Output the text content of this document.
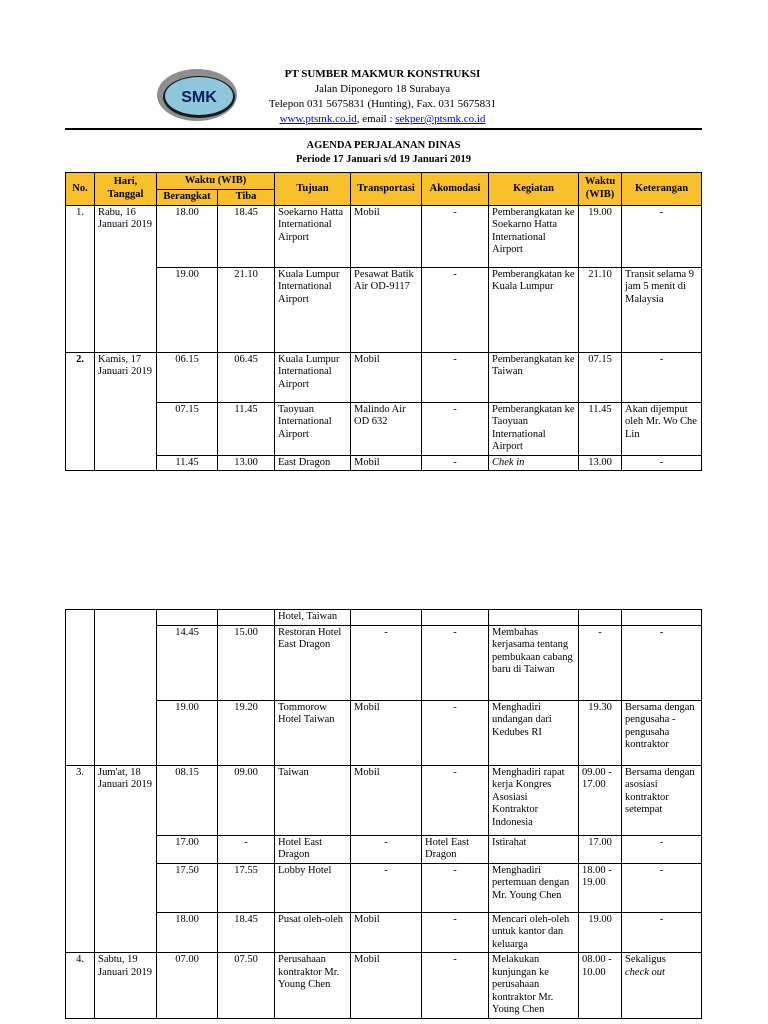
SMK
PT SUMBER MAKMUR KONSTRUKSI
Jalan Diponegoro 18 Surabaya
Telepon 031 5675831 (Hunting), Fax. 031 5675831
www.ptsmk.co.id, email : sekper@ptsmk.co.id
AGENDA PERJALANAN DINAS
Periode 17 Januari s/d 19 Januari 2019
No.	Hari, Tanggal	Waktu (WIB)		Tujuan	Transportasi	Akomodasi	Kegiatan	Waktu (WIB)	Keterangan
		Berangkat	Tiba						
1.	Rabu, 16 Januari 2019	18.00	18.45	Soekarno Hatta International Airport	Mobil	-	Pemberangkatan ke Soekarno Hatta International Airport	19.00	-
		19.00	21.10	Kuala Lumpur International Airport	Pesawat Batik Air OD-9117	-	Pemberangkatan ke Kuala Lumpur	21.10	Transit selama 9 jam 5 menit di Malaysia
2.	Kamis, 17 Januari 2019	06.15	06.45	Kuala Lumpur International Airport	Mobil	-	Pemberangkatan ke Taiwan	07.15	-
		07.15	11.45	Taoyuan International Airport	Malindo Air OD 632	-	Pemberangkatan ke Taoyuan International Airport	11.45	Akan dijemput oleh Mr. Wo Che Lin
		11.45	13.00	East Dragon	Mobil	-	Chek in	13.00	-
				Hotel, Taiwan					
		14.45	15.00	Restoran Hotel East Dragon	-	-	Membahas kerjasama tentang pembukaan cabang baru di Taiwan	-	-
		19.00	19.20	Tommorow Hotel Taiwan	Mobil	-	Menghadiri undangan dari Kedubes RI	19.30	Bersama dengan pengusaha - pengusaha kontraktor
3.	Jum'at, 18 Januari 2019	08.15	09.00	Taiwan	Mobil	-	Menghadiri rapat kerja Kongres Asosiasi Kontraktor Indonesia	09.00 - 17.00	Bersama dengan asosiasi kontraktor setempat
		17.00	-	Hotel East Dragon	-	Hotel East Dragon	Istirahat	17.00	-
		17.50	17.55	Lobby Hotel	-	-	Menghadiri pertemuan dengan Mr. Young Chen	18.00 - 19.00	-
		18.00	18.45	Pusat oleh-oleh	Mobil	-	Mencari oleh-oleh untuk kantor dan keluarga	19.00	-
4.	Sabtu, 19 Januari 2019	07.00	07.50	Perusahaan kontraktor Mr. Young Chen	Mobil	-	Melakukan kunjungan ke perusahaan kontraktor Mr. Young Chen	08.00 - 10.00	Sekaligus
check out
